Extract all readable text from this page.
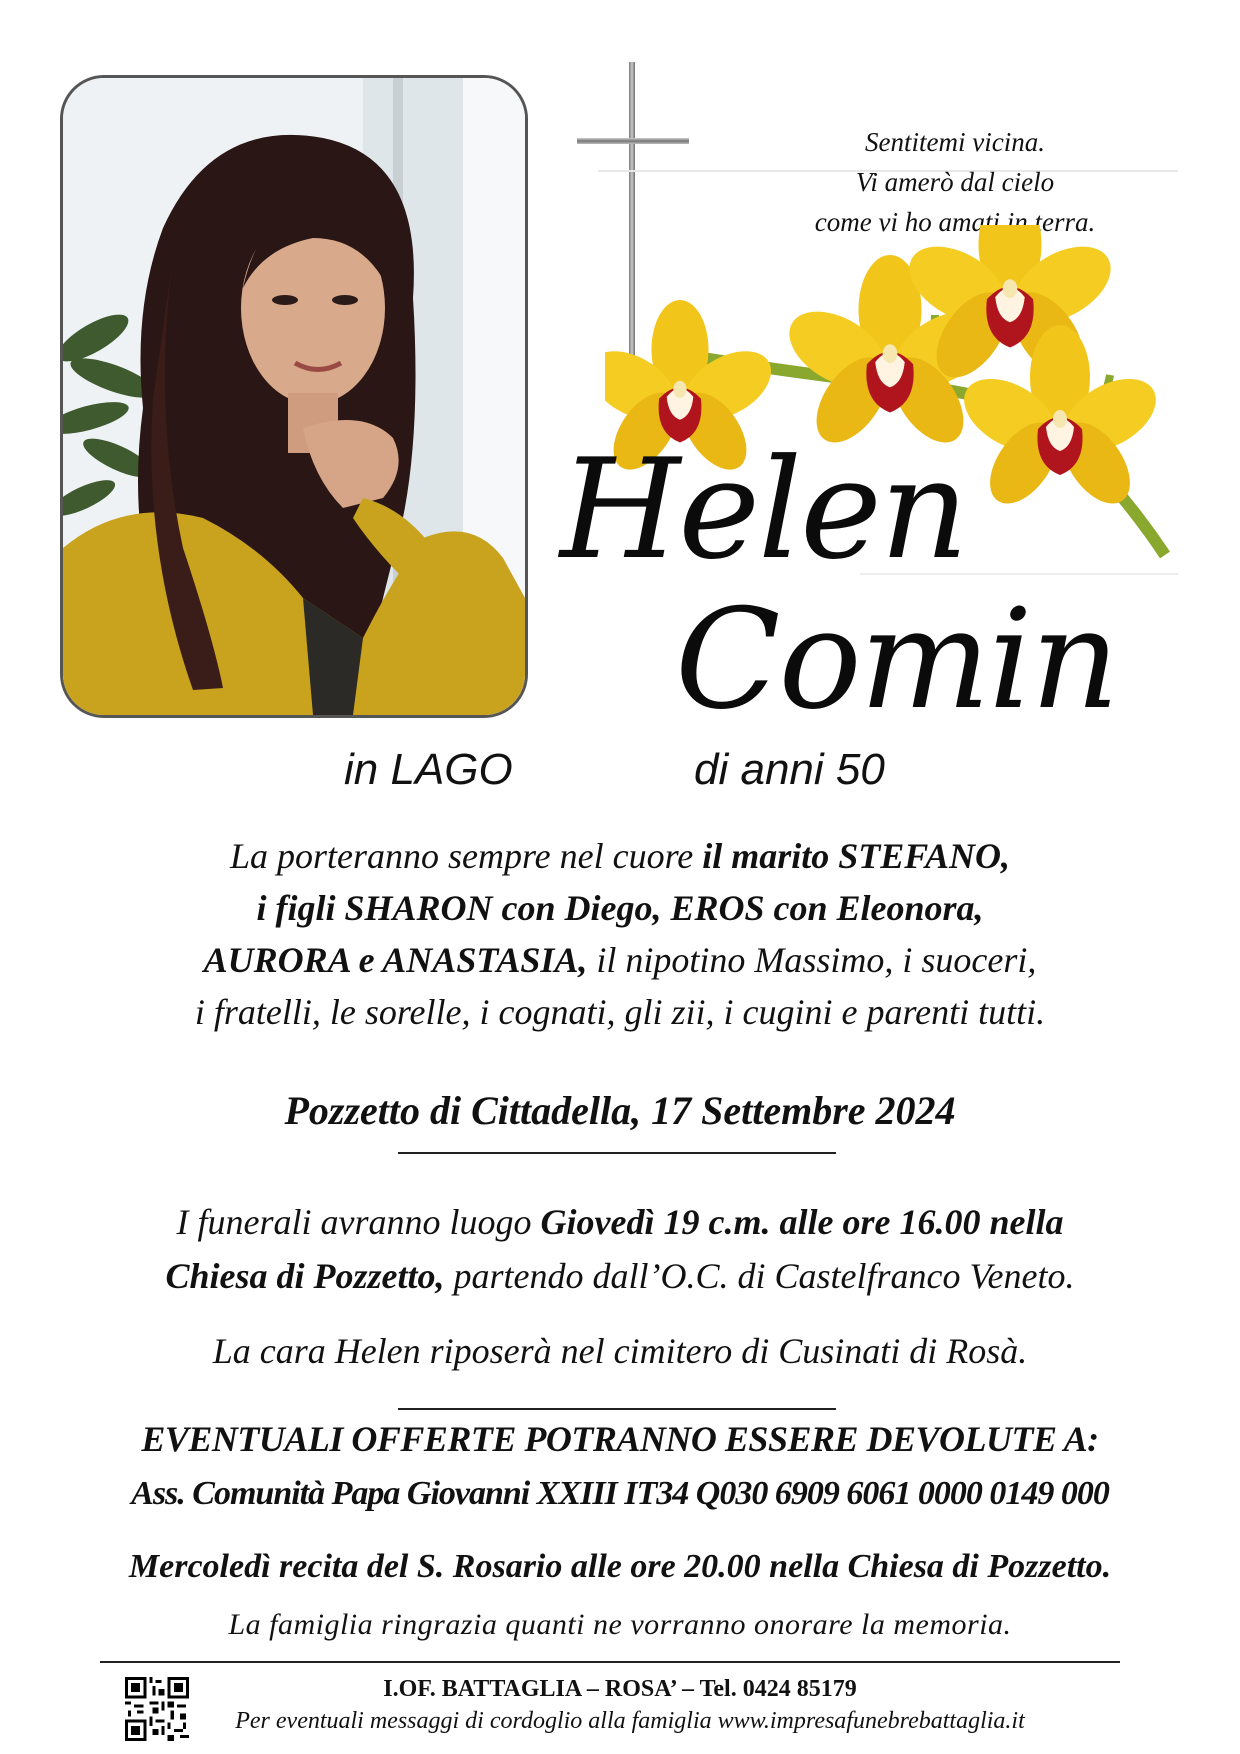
Sentitemi vicina.
Vi amerò dal cielo
come vi ho amati in terra.
Helen
Comin
in LAGO	di anni 50
La porteranno sempre nel cuore il marito STEFANO,
i figli SHARON con Diego, EROS con Eleonora,
AURORA e ANASTASIA, il nipotino Massimo, i suoceri,
i fratelli, le sorelle, i cognati, gli zii, i cugini e parenti tutti.
Pozzetto di Cittadella, 17 Settembre 2024
I funerali avranno luogo Giovedì 19 c.m. alle ore 16.00 nella
Chiesa di Pozzetto, partendo dall’O.C. di Castelfranco Veneto.
La cara Helen riposerà nel cimitero di Cusinati di Rosà.
EVENTUALI OFFERTE POTRANNO ESSERE DEVOLUTE A:
Ass. Comunità Papa Giovanni XXIII IT34 Q030 6909 6061 0000 0149 000
Mercoledì recita del S. Rosario alle ore 20.00 nella Chiesa di Pozzetto.
La famiglia ringrazia quanti ne vorranno onorare la memoria.
I.OF. BATTAGLIA – ROSA’ – Tel. 0424 85179
Per eventuali messaggi di cordoglio alla famiglia www.impresafunebrebattaglia.it
